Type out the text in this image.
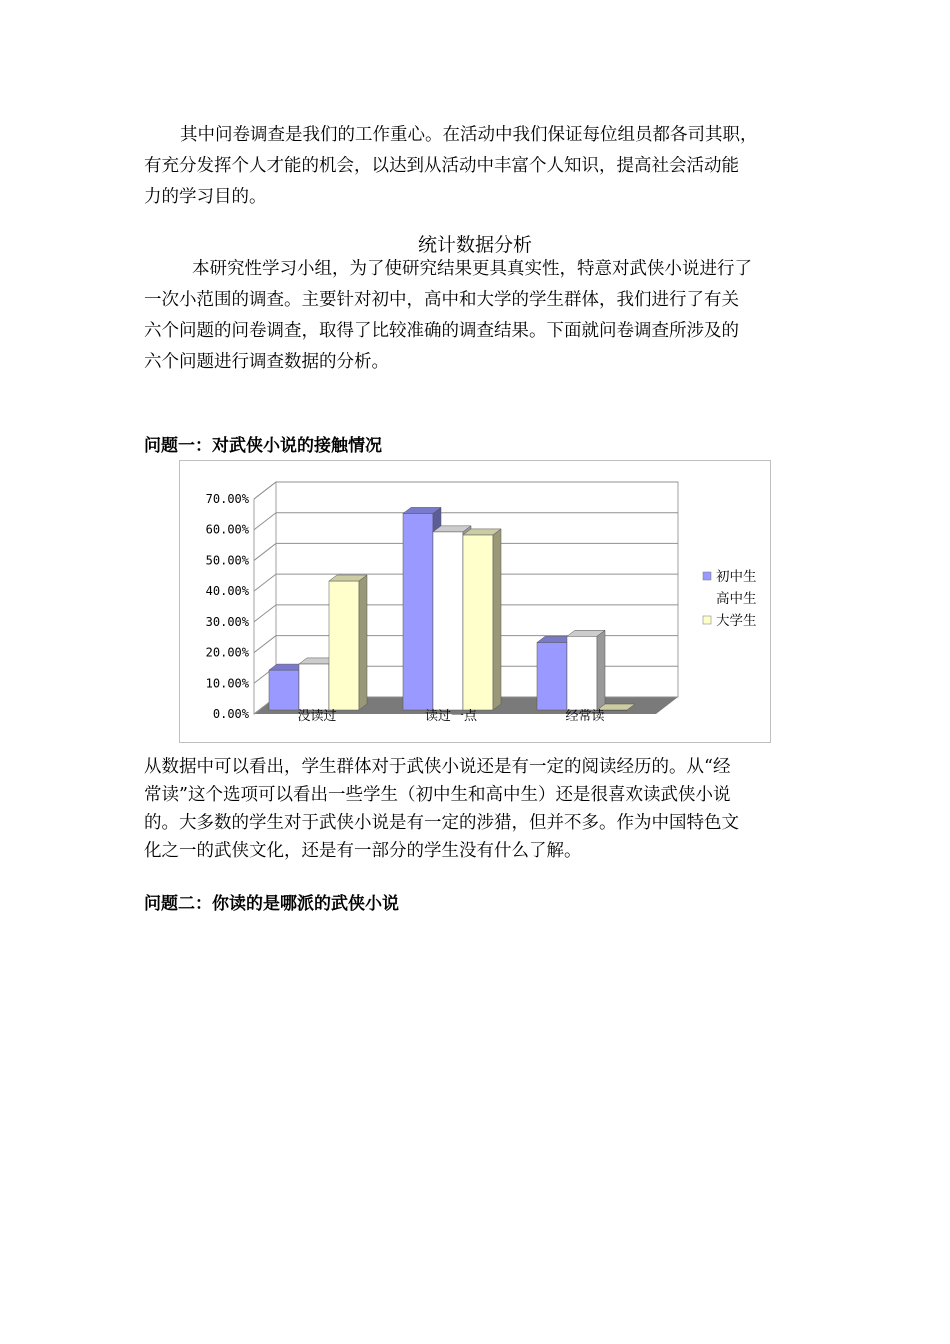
其中问卷调查是我们的工作重心。在活动中我们保证每位组员都各司其职，
有充分发挥个人才能的机会，以达到从活动中丰富个人知识，提高社会活动能
力的学习目的。
统计数据分析
本研究性学习小组，为了使研究结果更具真实性，特意对武侠小说进行了
一次小范围的调查。主要针对初中，高中和大学的学生群体，我们进行了有关
六个问题的问卷调查，取得了比较准确的调查结果。下面就问卷调查所涉及的
六个问题进行调查数据的分析。
问题一：对武侠小说的接触情况
0.00%
10.00%
20.00%
30.00%
40.00%
50.00%
60.00%
70.00%
没读过	读过一点	经常读
初中生
高中生
大学生
从数据中可以看出，学生群体对于武侠小说还是有一定的阅读经历的。从“经
常读”这个选项可以看出一些学生（初中生和高中生）还是很喜欢读武侠小说
的。大多数的学生对于武侠小说是有一定的涉猎，但并不多。作为中国特色文
化之一的武侠文化，还是有一部分的学生没有什么了解。
问题二：你读的是哪派的武侠小说
